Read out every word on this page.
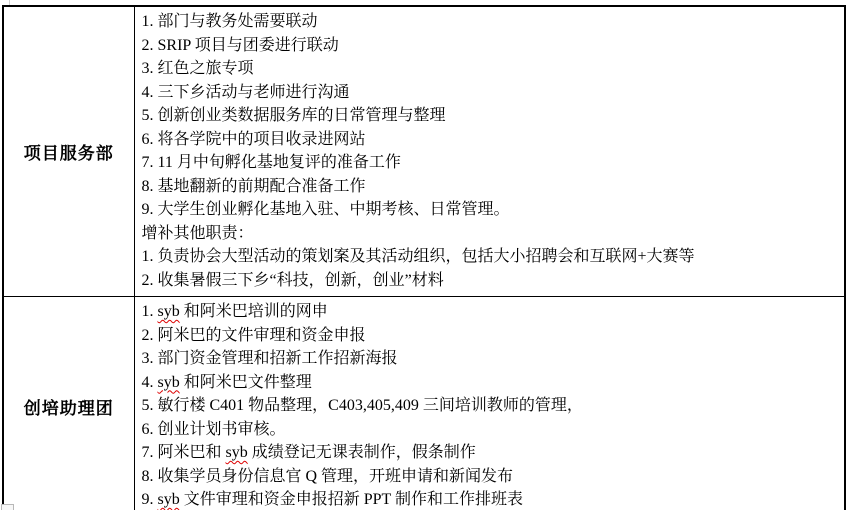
项目服务部	
1. 部门与教务处需要联动
2. SRIP 项目与团委进行联动
3. 红色之旅专项
4. 三下乡活动与老师进行沟通
5. 创新创业类数据服务库的日常管理与整理
6. 将各学院中的项目收录进网站
7. 11 月中旬孵化基地复评的准备工作
8. 基地翻新的前期配合准备工作
9. 大学生创业孵化基地入驻、中期考核、日常管理。
增补其他职责：
1. 负责协会大型活动的策划案及其活动组织，包括大小招聘会和互联网+大赛等
2. 收集暑假三下乡“科技，创新，创业”材料

创培助理团	
1. syb 和阿米巴培训的网申
2. 阿米巴的文件审理和资金申报
3. 部门资金管理和招新工作招新海报
4. syb 和阿米巴文件整理
5. 敏行楼 C401 物品整理，C403,405,409 三间培训教师的管理，
6. 创业计划书审核。
7. 阿米巴和 syb 成绩登记无课表制作，假条制作
8. 收集学员身份信息官 Q 管理，开班申请和新闻发布
9. syb 文件审理和资金申报招新 PPT 制作和工作排班表
